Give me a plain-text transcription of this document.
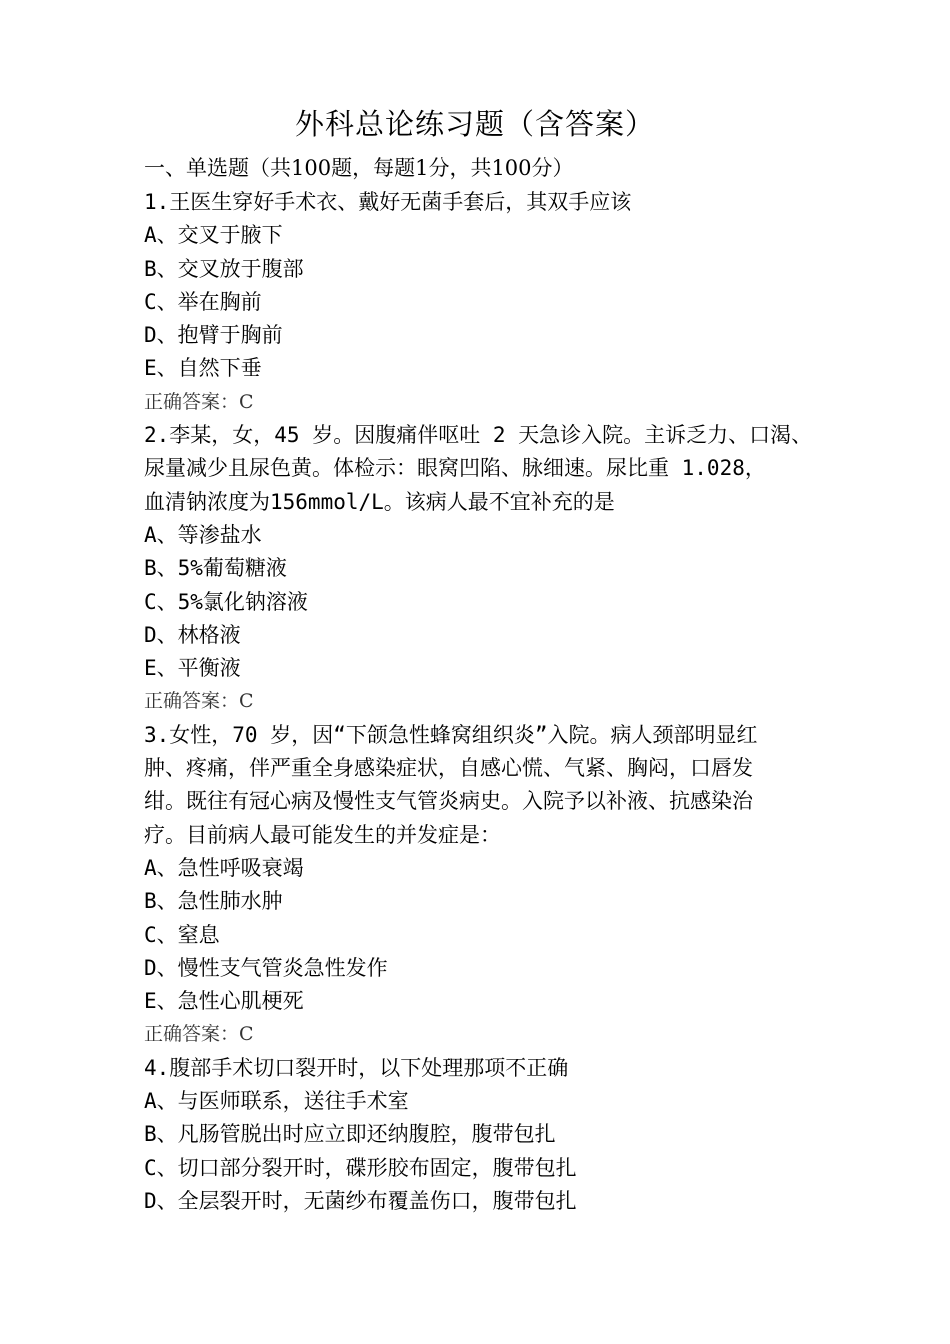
外科总论练习题（含答案）
一、单选题（共100题，每题1分，共100分）
1.王医生穿好手术衣、戴好无菌手套后，其双手应该
A、交叉于腋下
B、交叉放于腹部
C、举在胸前
D、抱臂于胸前
E、自然下垂
正确答案：C
2.李某，女，45 岁。因腹痛伴呕吐 2 天急诊入院。主诉乏力、口渴、
尿量减少且尿色黄。体检示：眼窝凹陷、脉细速。尿比重 1.028，
血清钠浓度为156mmol/L。该病人最不宜补充的是
A、等渗盐水
B、5%葡萄糖液
C、5%氯化钠溶液
D、林格液
E、平衡液
正确答案：C
3.女性，70 岁，因“下颌急性蜂窝组织炎”入院。病人颈部明显红
肿、疼痛，伴严重全身感染症状，自感心慌、气紧、胸闷，口唇发
绀。既往有冠心病及慢性支气管炎病史。入院予以补液、抗感染治
疗。目前病人最可能发生的并发症是：
A、急性呼吸衰竭
B、急性肺水肿
C、窒息
D、慢性支气管炎急性发作
E、急性心肌梗死
正确答案：C
4.腹部手术切口裂开时，以下处理那项不正确
A、与医师联系，送往手术室
B、凡肠管脱出时应立即还纳腹腔，腹带包扎
C、切口部分裂开时，碟形胶布固定，腹带包扎
D、全层裂开时，无菌纱布覆盖伤口，腹带包扎
